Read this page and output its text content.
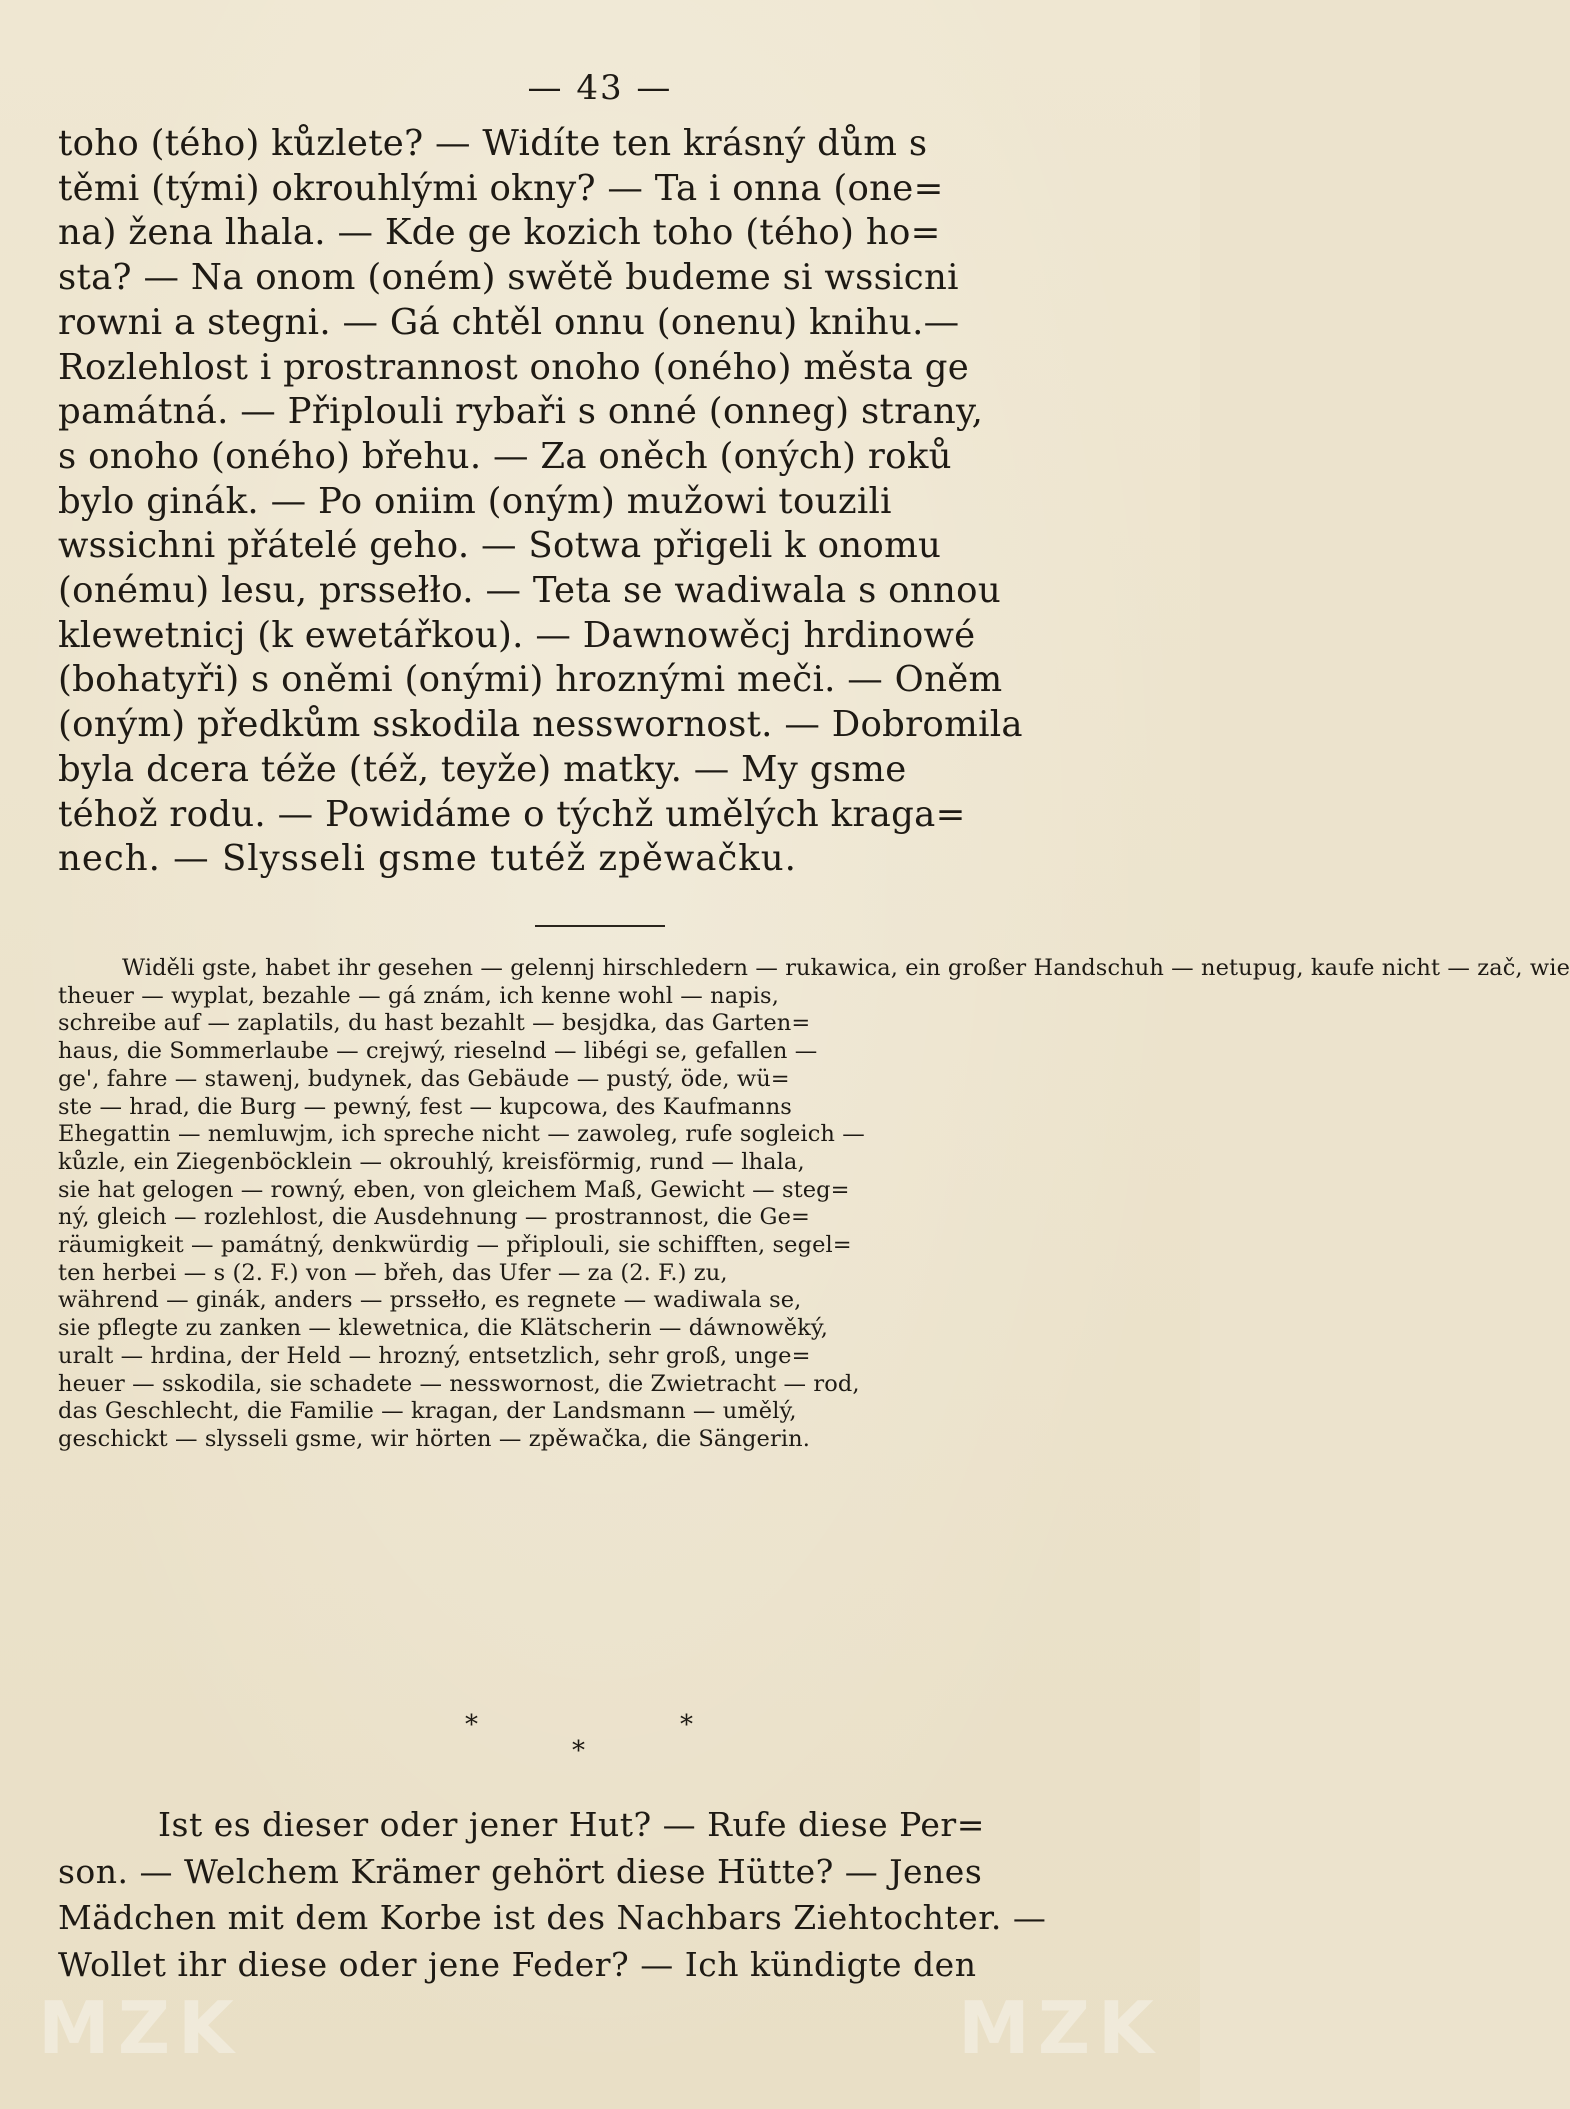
— 43 —
toho (tého) kůzlete? — Widíte ten krásný dům s
těmi (tými) okrouhlými okny? — Ta i onna (one=
na) žena lhala. — Kde ge kozich toho (tého) ho=
sta? — Na onom (oném) swětě budeme si wssicni
rowni a stegni. — Gá chtěl onnu (onenu) knihu.—
Rozlehlost i prostrannost onoho (oného) města ge
památná. — Připlouli rybaři s onné (onneg) strany,
s onoho (oného) břehu. — Za oněch (oných) roků
bylo ginák. — Po oniim (oným) mužowi touzili
wssichni přátelé geho. — Sotwa přigeli k onomu
(onému) lesu, prssełło. — Teta se wadiwala s onnou
klewetnicj (k ewetářkou). — Dawnowěcj hrdinowé
(bohatyři) s oněmi (onými) hroznými meči. — Oněm
(oným) předkům sskodila nesswornost. — Dobromila
byla dcera téže (též, teyže) matky. — My gsme
téhož rodu. — Powidáme o týchž umělých kraga=
nech. — Slysseli gsme tutéž zpěwačku.
Widěli gste, habet ihr gesehen — gelennj hirschledern — rukawica, ein großer Handschuh — netupug, kaufe nicht — zač, wie
theuer — wyplat, bezahle — gá znám, ich kenne wohl — napis,
schreibe auf — zaplatils, du hast bezahlt — besjdka, das Garten=
haus, die Sommerlaube — crejwý, rieselnd — libégi se, gefallen —
ge', fahre — stawenj, budynek, das Gebäude — pustý, öde, wü=
ste — hrad, die Burg — pewný, fest — kupcowa, des Kaufmanns
Ehegattin — nemluwjm, ich spreche nicht — zawoleg, rufe sogleich —
kůzle, ein Ziegenböcklein — okrouhlý, kreisförmig, rund — lhala,
sie hat gelogen — rowný, eben, von gleichem Maß, Gewicht — steg=
ný, gleich — rozlehlost, die Ausdehnung — prostrannost, die Ge=
räumigkeit — památný, denkwürdig — připlouli, sie schifften, segel=
ten herbei — s (2. F.) von — břeh, das Ufer — za (2. F.) zu,
während — ginák, anders — prssełło, es regnete — wadiwala se,
sie pflegte zu zanken — klewetnica, die Klätscherin — dáwnowěký,
uralt — hrdina, der Held — hrozný, entsetzlich, sehr groß, unge=
heuer — sskodila, sie schadete — nesswornost, die Zwietracht — rod,
das Geschlecht, die Familie — kragan, der Landsmann — umělý,
geschickt — slysseli gsme, wir hörten — zpěwačka, die Sängerin.
*	*
*
Ist es dieser oder jener Hut? — Rufe diese Per=
son. — Welchem Krämer gehört diese Hütte? — Jenes
Mädchen mit dem Korbe ist des Nachbars Ziehtochter. —
Wollet ihr diese oder jene Feder? — Ich kündigte den
MZK	MZK
